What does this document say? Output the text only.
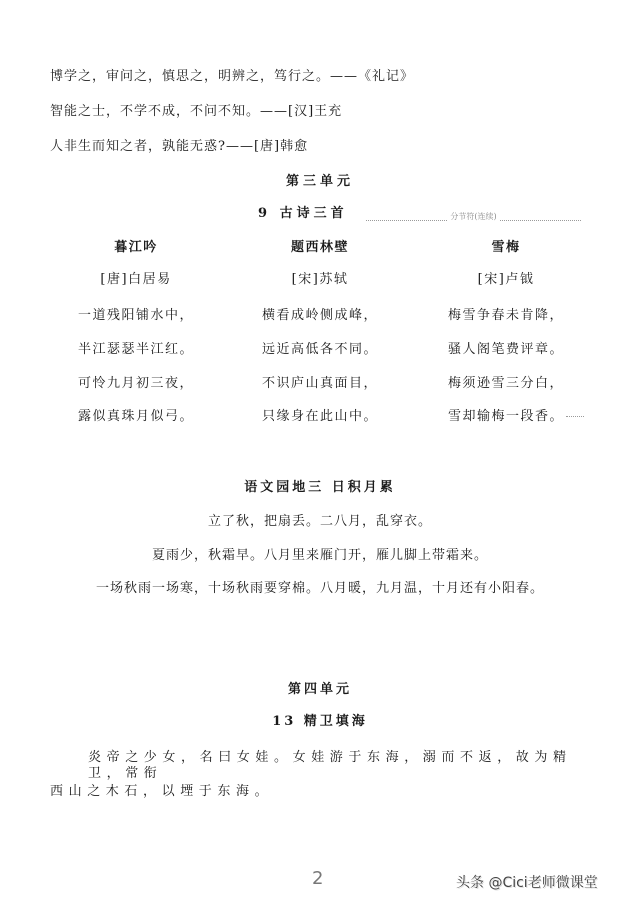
博学之，审问之，慎思之，明辨之，笃行之。——《礼记》
智能之士，不学不成，不问不知。——[汉]王充
人非生而知之者，孰能无惑?——[唐]韩愈
第三单元
9 古诗三首	分节符(连续)
暮江吟
[唐]白居易
一道残阳铺水中，
半江瑟瑟半江红。
可怜九月初三夜，
露似真珠月似弓。
题西林壁
[宋]苏轼
横看成岭侧成峰，
远近高低各不同。
不识庐山真面目，
只缘身在此山中。
雪梅
[宋]卢钺
梅雪争春未肯降，
骚人阁笔费评章。
梅须逊雪三分白，
雪却输梅一段香。
语文园地三 日积月累
立了秋，把扇丢。二八月，乱穿衣。
夏雨少，秋霜早。八月里来雁门开，雁儿脚上带霜来。
一场秋雨一场寒，十场秋雨要穿棉。八月暖，九月温，十月还有小阳春。
第四单元
13 精卫填海
炎帝之少女，名曰女娃。女娃游于东海，溺而不返，故为精卫，常衔
西山之木石，以堙于东海。
2	头条 @Cici老师微课堂
